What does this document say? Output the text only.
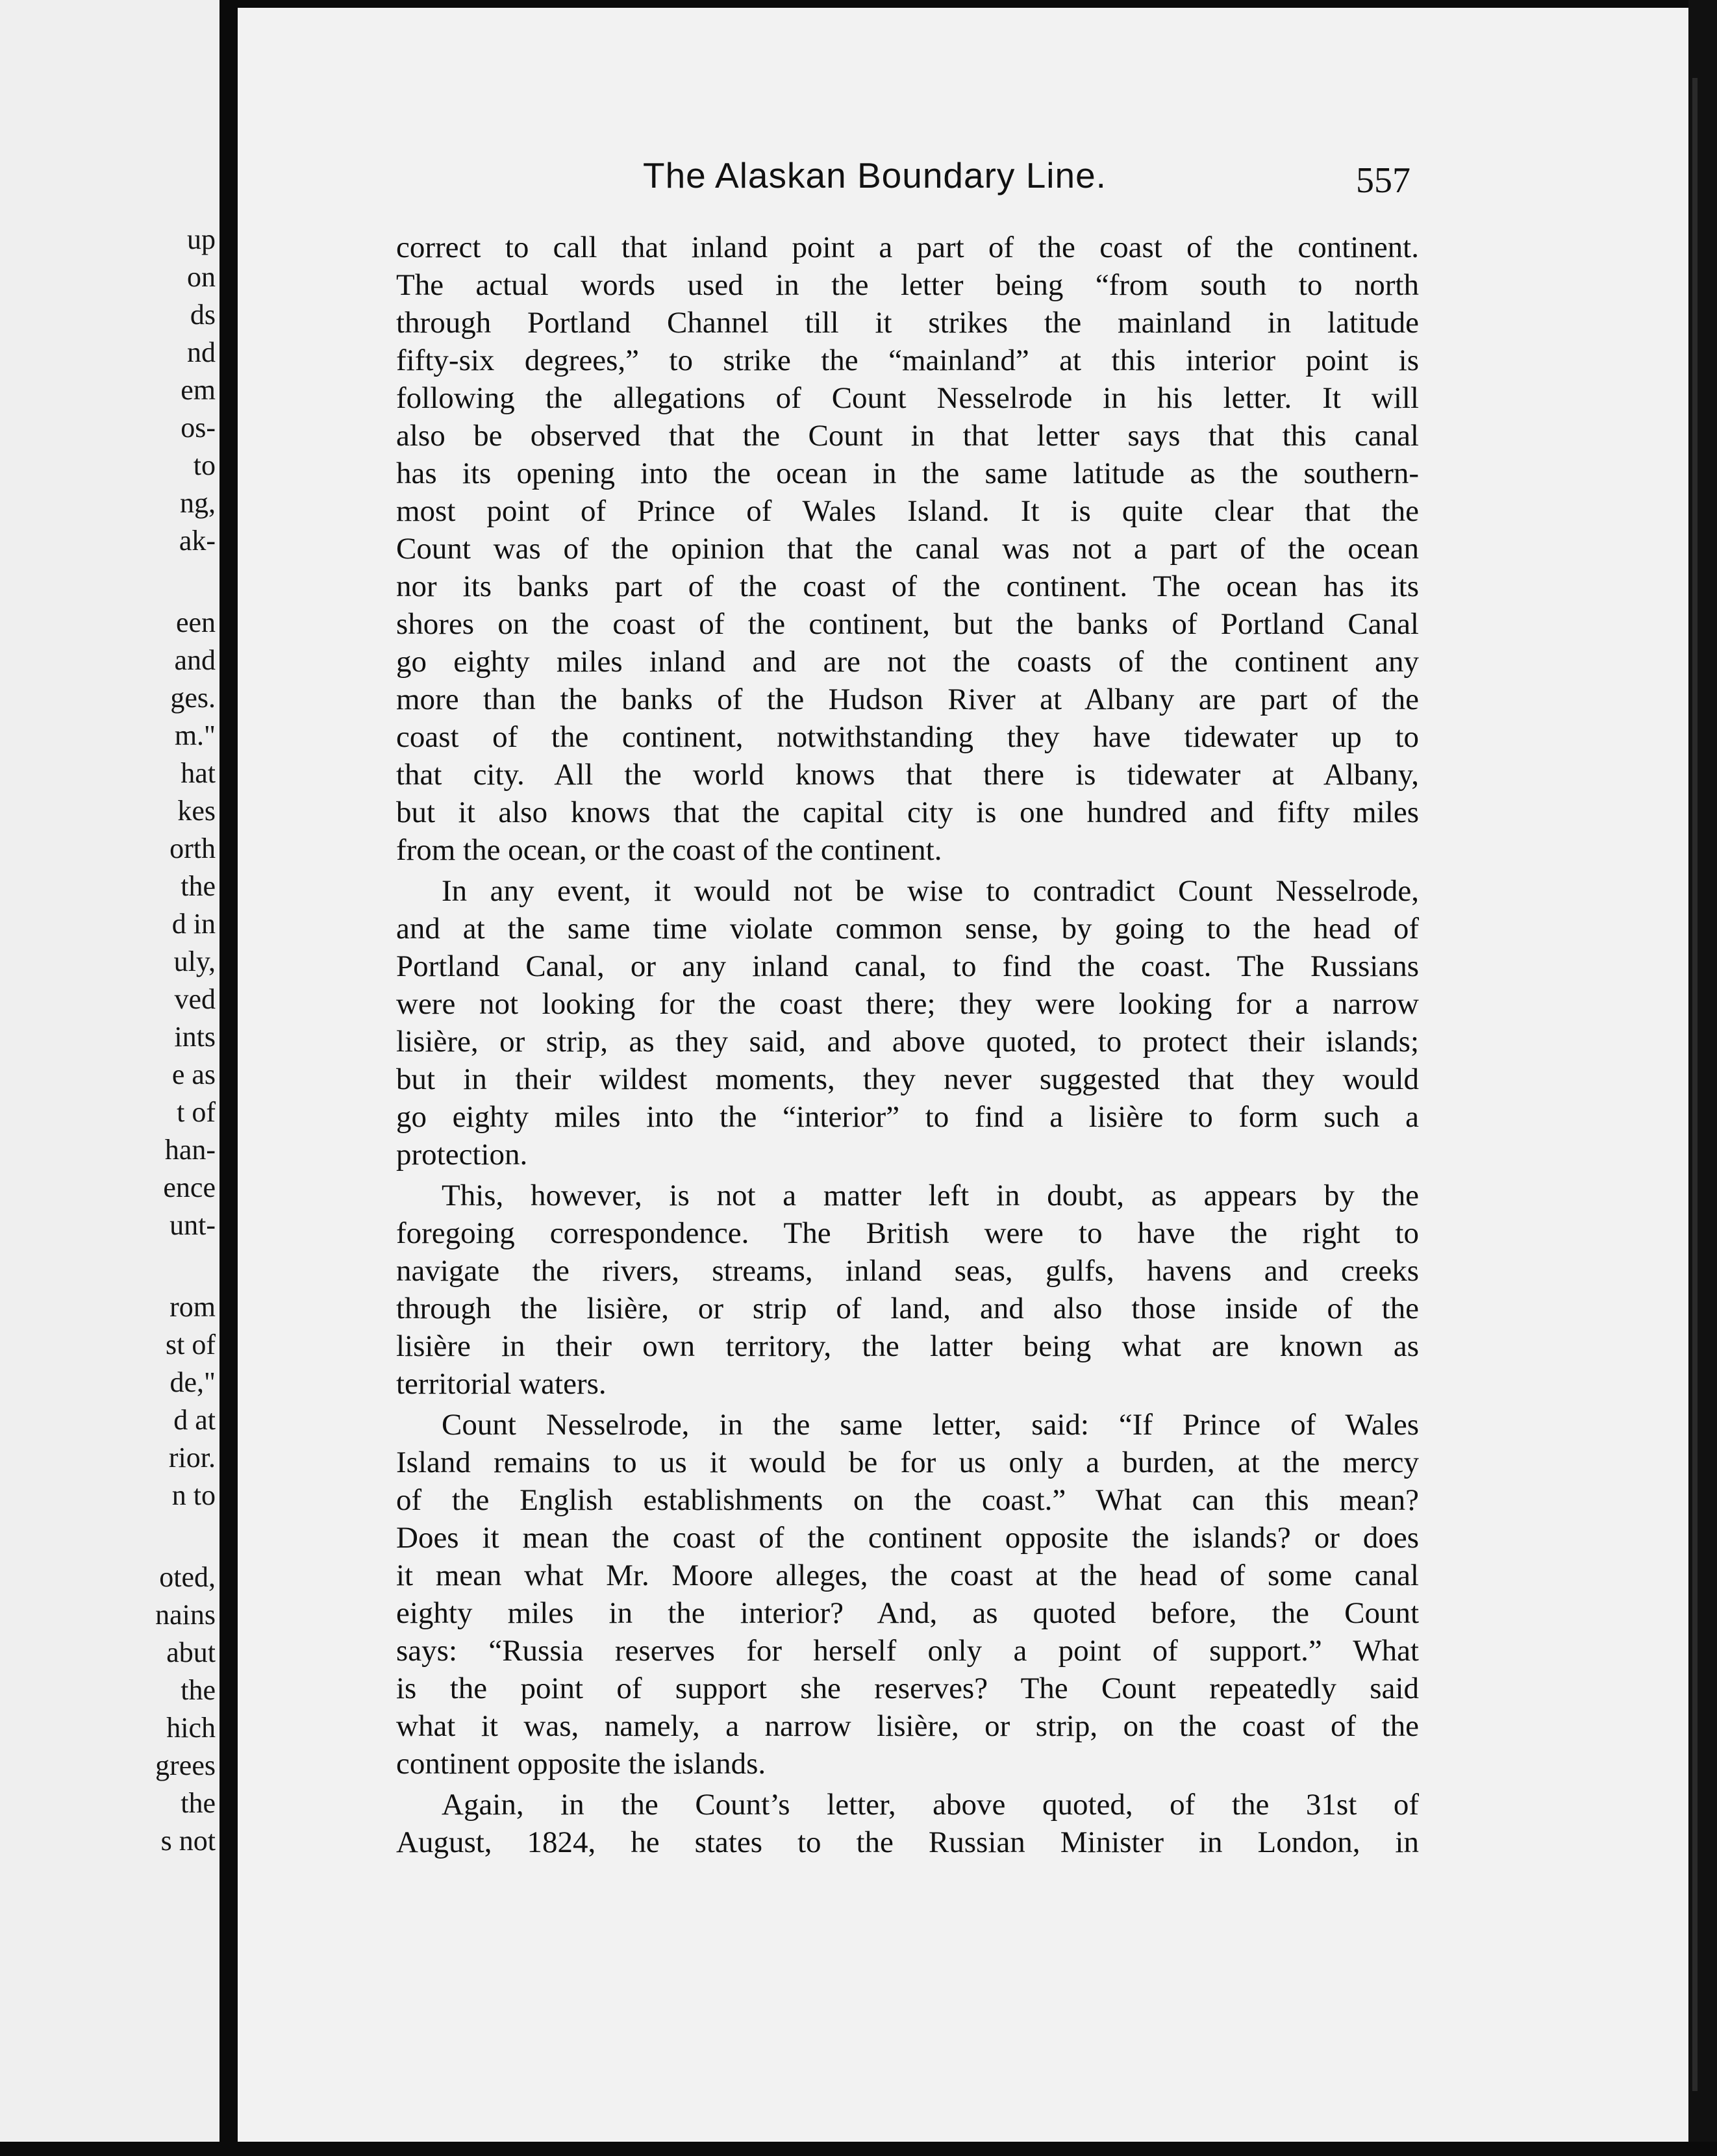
up

on

ds

nd

em

os-

to

ng,

ak-

een

and

ges.

m."

hat

kes

orth

the

d in

uly,

ved

ints

e as

t of

han-

ence

unt-

rom

st of

de,"

d at

rior.

n to

oted,

nains

abut

the

hich

grees

the

s not

The Alaskan Boundary Line.	557

correct to call that inland point a part of the coast of the continent.

The actual words used in the letter being “from south to north

through Portland Channel till it strikes the mainland in latitude

fifty-six degrees,” to strike the “mainland” at this interior point is

following the allegations of Count Nesselrode in his letter. It will

also be observed that the Count in that letter says that this canal

has its opening into the ocean in the same latitude as the southern-

most point of Prince of Wales Island. It is quite clear that the

Count was of the opinion that the canal was not a part of the ocean

nor its banks part of the coast of the continent. The ocean has its

shores on the coast of the continent, but the banks of Portland Canal

go eighty miles inland and are not the coasts of the continent any

more than the banks of the Hudson River at Albany are part of the

coast of the continent, notwithstanding they have tidewater up to

that city. All the world knows that there is tidewater at Albany,

but it also knows that the capital city is one hundred and fifty miles

from the ocean, or the coast of the continent.

In any event, it would not be wise to contradict Count Nesselrode,

and at the same time violate common sense, by going to the head of

Portland Canal, or any inland canal, to find the coast. The Russians

were not looking for the coast there; they were looking for a narrow

lisière, or strip, as they said, and above quoted, to protect their islands;

but in their wildest moments, they never suggested that they would

go eighty miles into the “interior” to find a lisière to form such a

protection.

This, however, is not a matter left in doubt, as appears by the

foregoing correspondence. The British were to have the right to

navigate the rivers, streams, inland seas, gulfs, havens and creeks

through the lisière, or strip of land, and also those inside of the

lisière in their own territory, the latter being what are known as

territorial waters.

Count Nesselrode, in the same letter, said: “If Prince of Wales

Island remains to us it would be for us only a burden, at the mercy

of the English establishments on the coast.” What can this mean?

Does it mean the coast of the continent opposite the islands? or does

it mean what Mr. Moore alleges, the coast at the head of some canal

eighty miles in the interior? And, as quoted before, the Count

says: “Russia reserves for herself only a point of support.” What

is the point of support she reserves? The Count repeatedly said

what it was, namely, a narrow lisière, or strip, on the coast of the

continent opposite the islands.

Again, in the Count’s letter, above quoted, of the 31st of

August, 1824, he states to the Russian Minister in London, in
